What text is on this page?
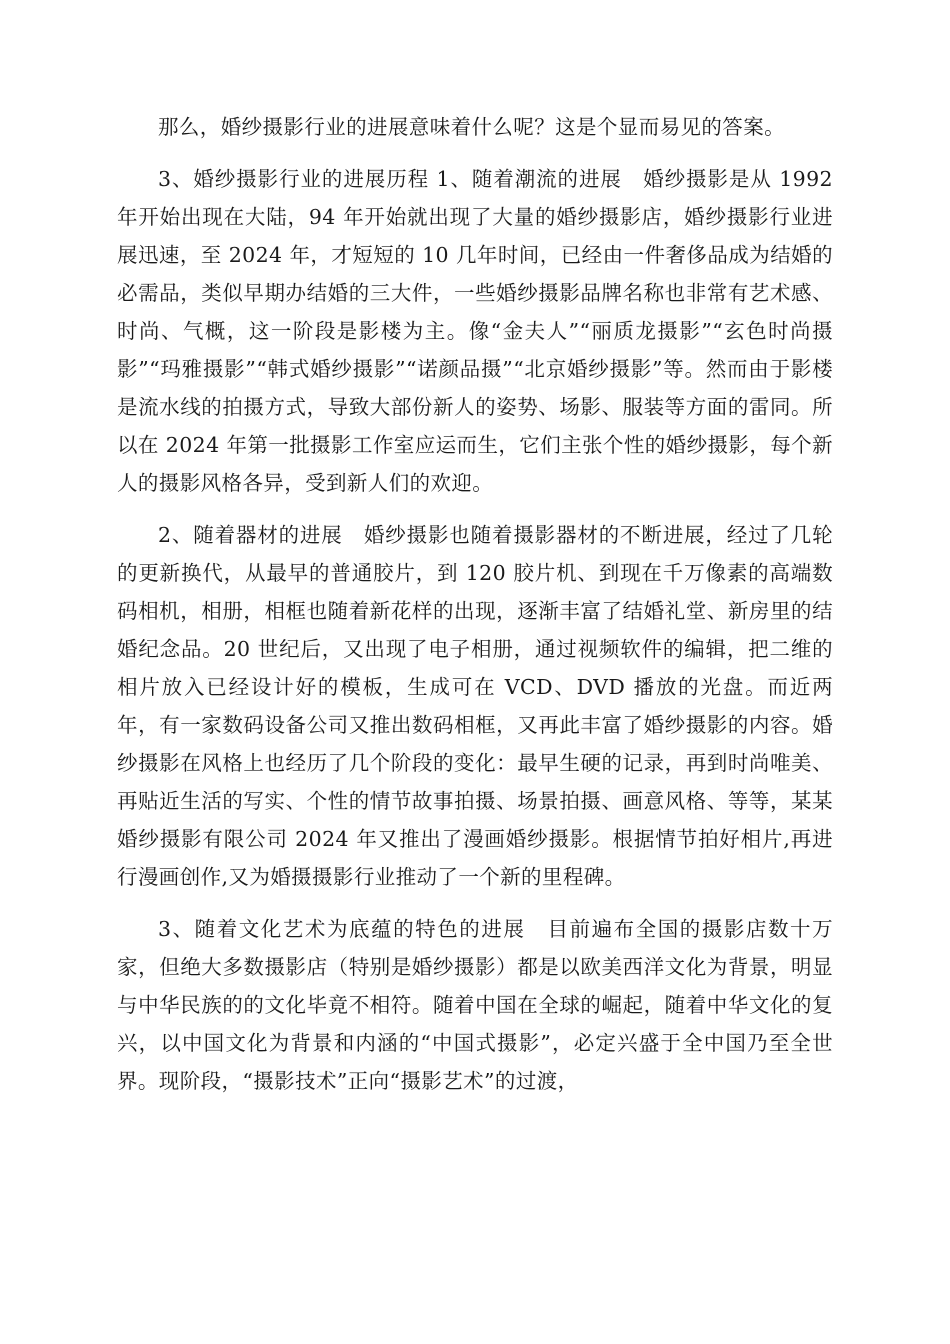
那么，婚纱摄影行业的进展意味着什么呢？这是个显而易见的答案。

3、婚纱摄影行业的进展历程 1、随着潮流的进展　婚纱摄影是从 1992 年开始出现在大陆，94 年开始就出现了大量的婚纱摄影店，婚纱摄影行业进展迅速，至 2024 年，才短短的 10 几年时间，已经由一件奢侈品成为结婚的必需品，类似早期办结婚的三大件，一些婚纱摄影品牌名称也非常有艺术感、时尚、气概，这一阶段是影楼为主。像“金夫人”“丽质龙摄影”“玄色时尚摄影”“玛雅摄影”“韩式婚纱摄影”“诺颜品摄”“北京婚纱摄影”等。然而由于影楼是流水线的拍摄方式，导致大部份新人的姿势、场影、服装等方面的雷同。所以在 2024 年第一批摄影工作室应运而生，它们主张个性的婚纱摄影，每个新人的摄影风格各异，受到新人们的欢迎。

2、随着器材的进展　婚纱摄影也随着摄影器材的不断进展，经过了几轮的更新换代，从最早的普通胶片，到 120 胶片机、到现在千万像素的高端数码相机，相册，相框也随着新花样的出现，逐渐丰富了结婚礼堂、新房里的结婚纪念品。20 世纪后，又出现了电子相册，通过视频软件的编辑，把二维的相片放入已经设计好的模板，生成可在 VCD、DVD 播放的光盘。而近两年，有一家数码设备公司又推出数码相框，又再此丰富了婚纱摄影的内容。婚纱摄影在风格上也经历了几个阶段的变化：最早生硬的记录，再到时尚唯美、再贴近生活的写实、个性的情节故事拍摄、场景拍摄、画意风格、等等，某某婚纱摄影有限公司 2024 年又推出了漫画婚纱摄影。根据情节拍好相片,再进行漫画创作,又为婚摄摄影行业推动了一个新的里程碑。

3、随着文化艺术为底蕴的特色的进展　目前遍布全国的摄影店数十万家，但绝大多数摄影店（特别是婚纱摄影）都是以欧美西洋文化为背景，明显与中华民族的的文化毕竟不相符。随着中国在全球的崛起，随着中华文化的复兴，以中国文化为背景和内涵的“中国式摄影”，必定兴盛于全中国乃至全世界。现阶段，“摄影技术”正向“摄影艺术”的过渡，
